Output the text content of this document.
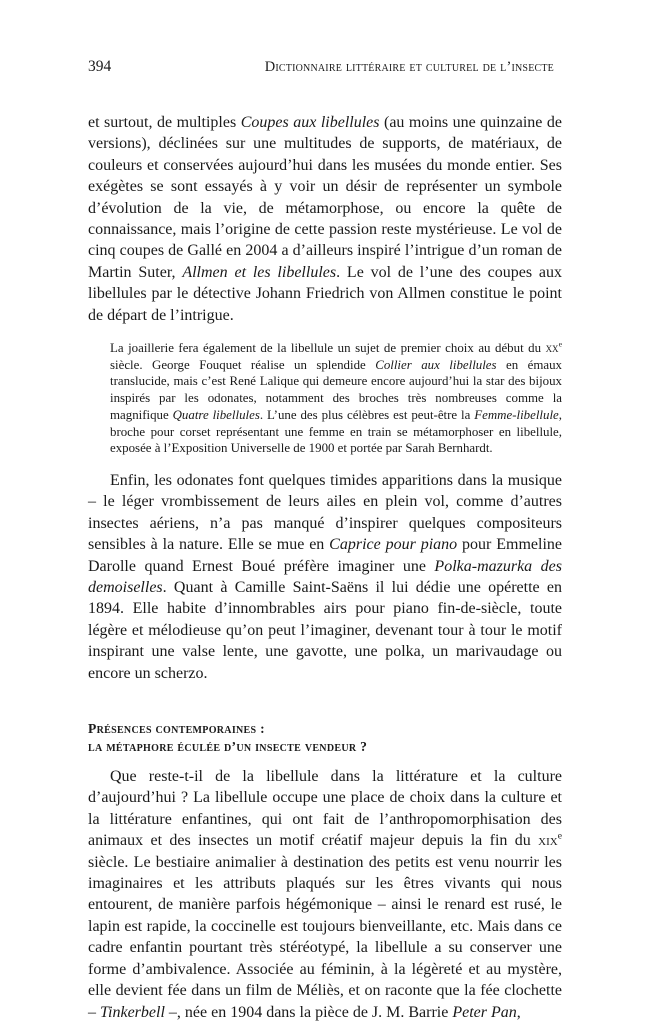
394	Dictionnaire littéraire et culturel de l’insecte

et surtout, de multiples Coupes aux libellules (au moins une quinzaine de versions), déclinées sur une multitudes de supports, de matériaux, de couleurs et conservées aujourd’hui dans les musées du monde entier. Ses exégètes se sont essayés à y voir un désir de représenter un symbole d’évolution de la vie, de métamorphose, ou encore la quête de connaissance, mais l’origine de cette passion reste mystérieuse. Le vol de cinq coupes de Gallé en 2004 a d’ailleurs inspiré l’intrigue d’un roman de Martin Suter, Allmen et les libellules. Le vol de l’une des coupes aux libellules par le détective Johann Friedrich von Allmen constitue le point de départ de l’intrigue.

La joaillerie fera également de la libellule un sujet de premier choix au début du $xx^e$ siècle. George Fouquet réalise un splendide Collier aux libellules en émaux translucide, mais c’est René Lalique qui demeure encore aujourd’hui la star des bijoux inspirés par les odonates, notamment des broches très nombreuses comme la magnifique Quatre libellules. L’une des plus célèbres est peut-être la Femme-libellule, broche pour corset représentant une femme en train se métamorphoser en libellule, exposée à l’Exposition Universelle de 1900 et portée par Sarah Bernhardt.

Enfin, les odonates font quelques timides apparitions dans la musique – le léger vrombissement de leurs ailes en plein vol, comme d’autres insectes aériens, n’a pas manqué d’inspirer quelques compositeurs sensibles à la nature. Elle se mue en Caprice pour piano pour Emmeline Darolle quand Ernest Boué préfère imaginer une Polka-mazurka des demoiselles. Quant à Camille Saint-Saëns il lui dédie une opérette en 1894. Elle habite d’innombrables airs pour piano fin-de-siècle, toute légère et mélodieuse qu’on peut l’imaginer, devenant tour à tour le motif inspirant une valse lente, une gavotte, une polka, un marivaudage ou encore un scherzo.

Présences contemporaines :
la métaphore éculée d’un insecte vendeur ?

Que reste-t-il de la libellule dans la littérature et la culture d’aujourd’hui ? La libellule occupe une place de choix dans la culture et la littérature enfantines, qui ont fait de l’anthropomorphisation des animaux et des insectes un motif créatif majeur depuis la fin du xix$^e$ siècle. Le bestiaire animalier à destination des petits est venu nourrir les imaginaires et les attributs plaqués sur les êtres vivants qui nous entourent, de manière parfois hégémonique – ainsi le renard est rusé, le lapin est rapide, la coccinelle est toujours bienveillante, etc. Mais dans ce cadre enfantin pourtant très stéréotypé, la libellule a su conserver une forme d’ambivalence. Associée au féminin, à la légèreté et au mystère, elle devient fée dans un film de Méliès, et on raconte que la fée clochette – Tinkerbell –, née en 1904 dans la pièce de J. M. Barrie Peter Pan,
